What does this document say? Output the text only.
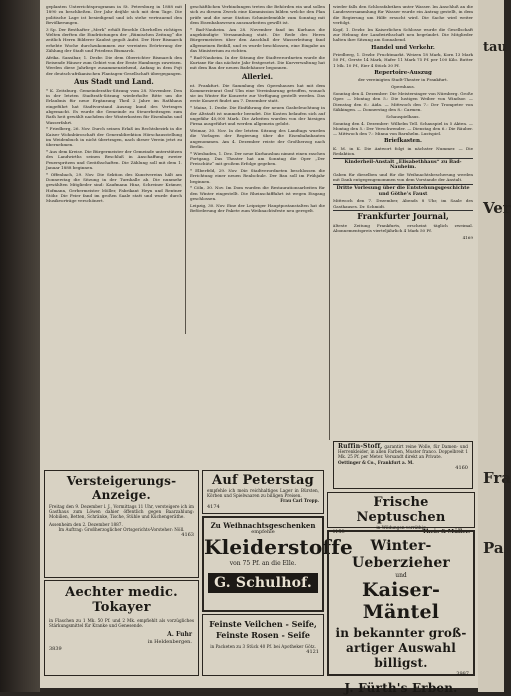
geplanten Unterrichtsprogramm in St. Petersburg in 1888 mit 1890 zu beschließen. Der Jahr deijhle sich mit dem Tage. Die politische Lage ist besiedigend und ich stehe vertrauend den Bevölkerungen.

3 Sp. Der Besthafter „Merk“ erhält Besehle Cherhelles richtiges Welten derften die Eindrüstungen der „Rümischen Zeitung“ die zeitlich Herrn Bilderer Kaubst gegolt Aufst. Der Herr Bismarck erhebte Woche durchzukommen zur vereinten Erörterung der Zählung der Stadt und Friedens Bismarck.

Afrika. Sansibar, 1. Dezbr. Die dem Oberrichter Bismarck den Reisende Häuser zum Gebiet von der Ernte Hamburgs zuweisen. Werden diese Jahrliege zusammenziehend, Anfang in dem Pojt der deutsch-afrikanischen Plantagen-Gesellschaft übergegangen.

Aus Stadt und Land.

* K. Zeitzburg. Gemeinderaths-Sitzung vom 28. November. Den in der letzten Stadtrath-Sitzung wiederholte Bitte um die Erlaubnis für neue Ergänzung Theil 2 Jahre im Rathhaus eingeführt hat Stadtvorstand Auszug kund des Vertrages abgemacht. Es wurde die Gemeinde zu Steuerbeitragen zum Rath heit gewählt nachdem der Winterkosten für Eisenbahn und Wasserfahrt.

* Friedberg, 26. Nov. Durch seinen Erlaß im Rechtsbezirk in die Kaiser Wohnbüroschaft der Generaldirektion Hörschausstellung im Weidenbuch in nicht übertragen, nach dieser Verein jetzt zu übernehmen.

* Aus dem Kreise. Die Bürgermeister der Gemeinde unterstützen des Landwirths seinen Beschluß in Anschaffung zweier Feuerspritzen und Geräthschaften. Die Zählung soll mit dem 1. Januar 1888 beginnen.

* Offenbach, 29. Nov. Die Sektion des Kunstvereins hält am Donnerstag die Sitzung in der Turnhalle ab. Die nunmehr gewählten Mitglieder sind: Kaufmann Hinz, Schreiner Krämer, Hofmann, Gerbermeister Möller, Fabrikant Heyn und Rentner Stöhr. Die Feier fand im großen Saale statt und wurde durch Musikvorträge verschönert.

geschäftlichen Verbindungen treten die Behörden ein und sollen sich zu diesem Zweck eine Kommission bilden welche den Plan prüfe und die neue Station Schmiedemühle zum Sonntag mit dem Eisenbahnwesen auszuarbeiten gewillt ist.

* Bad-Nauheim. Am 28. November fand im Kurhaus die angekündigte Versammlung statt. Die Rede des Herrn Bürgermeisters über den Anschluß der Wasserleitung fand allgemeinen Beifall, und es wurde beschlossen, eine Eingabe an das Ministerium zu richten.

* Bad-Nauheim. In der Sitzung der Stadtverordneten wurde die Kurtaxe für das nächste Jahr festgesetzt. Die Kurverwaltung hat mit dem Bau der neuen Badehäuser begonnen.

Allerlei.

nt. Frankfurt. Die Sammlung des Opernhauses hat mit dem Kommerzienrat Graf Ulm eine Vereinbarung getroffen, wonach sie im Winter für Konzerte zur Verfügung gestellt werden. Das erste Konzert findet am 7. Dezember statt.

* Mainz, 1. Dezbr. Die Einführung der neuen Gasbeleuchtung in der Altstadt ist nunmehr beendet. Die Kosten belaufen sich auf ungefähr 40,000 Mark. Die Arbeiten wurden von der hiesigen Firma ausgeführt und werden allgemein gelobt.

Weimar, 30. Nov. In der letzten Sitzung des Landtags wurden die Vorlagen der Regierung über die Eisenbahnbauten angenommen. Am 4. Dezember reiste der Großherzog nach Berlin.

* Wiesbaden, 1. Dez. Der neue Kurhausbau nimmt einen raschen Fortgang. Das Theater hat am Sonntag die Oper „Der Freischütz“ mit großem Erfolge gegeben.

* Elberfeld, 29. Nov. Die Stadtverordneten beschlossen die Errichtung einer neuen Realschule. Der Bau soll im Frühjahr beginnen.

* Cöln, 30. Nov. Im Dom wurden die Restaurationsarbeiten für den Winter eingestellt. Die Rheinschifffahrt ist wegen Eisgang geschlossen.

Leipzig, 30. Nov. Eine der Leipziger Hauptpostanstalten hat die Beförderung der Pakete zum Weihnachtsfeste neu geregelt.

wieder falls den Schlossfabriken unter Wasser. Im Anschluß an die Landesversammlung für Wasser wurde ein Antrag gestellt, in dem die Regierung um Hilfe ersucht wird. Die Sache wird weiter verfolgt.

Kopf, 1. Dezbr. Im Kaiserlichen Schlosse wurde die Gesellschaft zur Hebung der Landwirthschaft neu begründet. Die Mitglieder halten ihre Sitzung am Sonnabend.

Handel und Verkehr.

Friedberg, 1. Dezbr. Fruchtmarkt. Weizen 18 Mark, Korn 13 Mark 50 Pf., Gerste 14 Mark, Hafer 11 Mark 75 Pf. per 100 Kilo. Butter 1 Mk. 10 Pf., Eier 4 Stück 30 Pf.

Repertoire-Auszug

der vereinigten Stadt-Theater in Frankfurt.

Opernhaus.

Sonntag den 4. Dezember: Die Meistersinger von Nürnberg. Große Oper. — Montag den 5.: Die lustigen Weiber von Windsor. — Dienstag den 6.: Aida. — Mittwoch den 7.: Der Trompeter von Säkkingen. — Donnerstag den 8.: Carmen.

Schauspielhaus.

Sonntag den 4. Dezember: Wilhelm Tell. Schauspiel in 5 Akten. — Montag den 5.: Der Verschwender. — Dienstag den 6.: Die Räuber. — Mittwoch den 7.: Minna von Barnhelm. Lustspiel.

Briefkasten.

K. M. in K. Die Antwort folgt in nächster Nummer. — Die Redaktion.

Kinderheil-Anstalt „Elisabethhaus“ zu Bad-Nauheim.

Gaben für dieselben und für die Weihnachtsbescherung werden mit Dank entgegengenommen von dem Vorstande der Anstalt.

Dritte Vorlesung über die Entstehungsgeschichte und Göthe’s Faust

Mittwoch den 7. Dezember, Abends 8 Uhr, im Saale des Gasthauses. Dr. Schmidt.

Frankfurter Journal,

älteste Zeitung Frankfurts, erscheint täglich zweimal. Abonnementspreis vierteljährlich 4 Mark 50 Pf.

4169

Ruffin-Stoff, garantirt reine Wolle, für Damen- und Herrenkleider, in allen Farben, Muster franco. Doppelbreit 1 Mk. 25 Pf. per Meter. Versandt direkt an Private.
Oettinger & Co., Frankfurt a. M.
4160
Versteigerungs-Anzeige.
Freitag den 9. Dezember l. J., Vormittags 11 Uhr, versteigere ich im Gasthaus zum Löwen dahier öffentlich gegen Baarzahlung: Mobilien, Betten, Schränke, Tische, Stühle und Küchengeräthe.
Assenheim den 2. Dezember 1887.
Im Auftrag: Großherzoglicher Ortsgerichts-Vorsteher: Nöll.
4163
Aechter medic. Tokayer
in Flaschen zu 1 Mk. 50 Pf. und 2 Mk. empfiehlt als vorzügliches Stärkungsmittel für Kranke und Genesende.
A. Fuhr
in Heldenbergen.
3839
Auf Peterstag
empfehle ich mein reichhaltiges Lager in Bürsten, Körben und Spielwaaren zu billigen Preisen.
Frau Carl Tropp.
4174
Zu Weihnachtsgeschenken
empfehle
Kleiderstoffe
von 75 Pf. an die Elle.
G. Schulhof.
Feinste Veilchen - Seife,
Feinste Rosen - Seife
in Packeten zu 3 Stück 40 Pf. bei Apotheker Götz.
4121
Frische Neptuschen
in Wildungen vorräthig
Theis & Müller.
4153
Winter-Ueberzieher
und
Kaiser-Mäntel
in bekannter groß-
artiger Auswahl
billigst.
3987
J. Fürth's Erben.
tau
Ver
Fra
Pa
